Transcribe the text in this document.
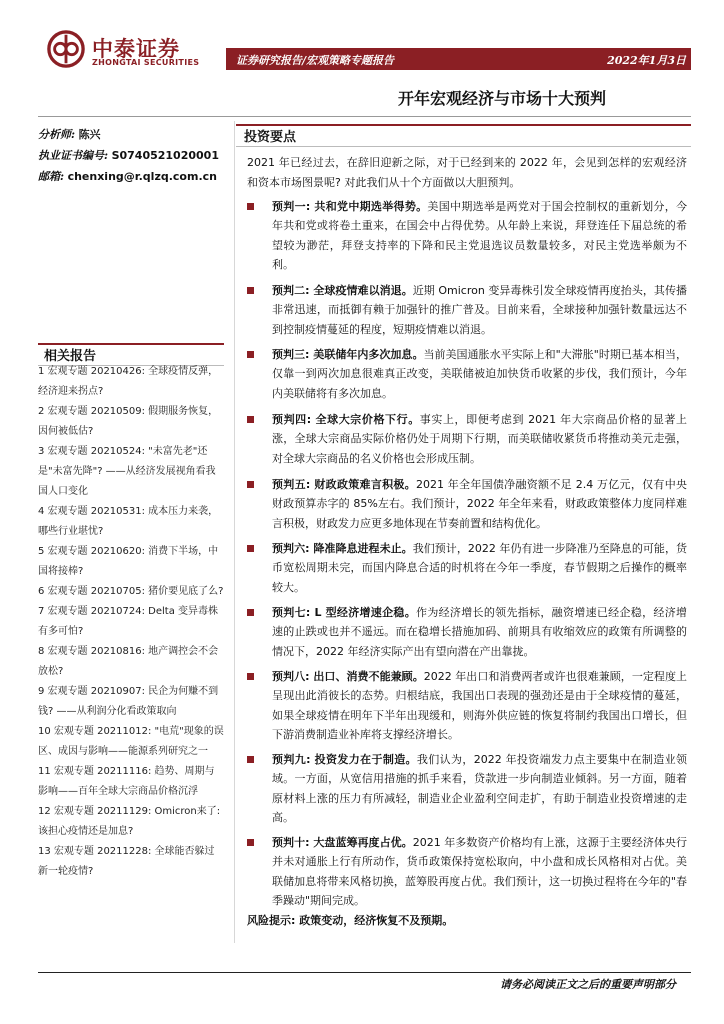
中泰证券
ZHONGTAI SECURITIES	证券研究报告/宏观策略专题报告	2022年1月3日
开年宏观经济与市场十大预判
分析师: 陈兴
执业证书编号: S0740521020001
邮箱: chenxing@r.qlzq.com.cn
相关报告
1 宏观专题 20210426: 全球疫情反弹，经济迎来拐点?
2 宏观专题 20210509: 假期服务恢复，因何被低估?
3 宏观专题 20210524: "未富先老"还是"未富先降"? ——从经济发展视角看我国人口变化
4 宏观专题 20210531: 成本压力来袭，哪些行业堪忧?
5 宏观专题 20210620: 消费下半场，中国将接棒?
6 宏观专题 20210705: 猪价要见底了么?
7 宏观专题 20210724: Delta 变异毒株有多可怕?
8 宏观专题 20210816: 地产调控会不会放松?
9 宏观专题 20210907: 民企为何赚不到钱? ——从利润分化看政策取向
10 宏观专题 20211012: "电荒"现象的误区、成因与影响——能源系列研究之一
11 宏观专题 20211116: 趋势、周期与影响——百年全球大宗商品价格沉浮
12 宏观专题 20211129: Omicron来了: 该担心疫情还是加息?
13 宏观专题 20211228: 全球能否躲过新一轮疫情?
投资要点
2021 年已经过去，在辞旧迎新之际，对于已经到来的 2022 年，会见到怎样的宏观经济和资本市场图景呢? 对此我们从十个方面做以大胆预判。
预判一: 共和党中期选举得势。美国中期选举是两党对于国会控制权的重新划分，今年共和党或将卷土重来，在国会中占得优势。从年龄上来说，拜登连任下届总统的希望较为渺茫，拜登支持率的下降和民主党退选议员数量较多，对民主党选举颇为不利。
预判二: 全球疫情难以消退。近期 Omicron 变异毒株引发全球疫情再度抬头，其传播非常迅速，而抵御有赖于加强针的推广普及。目前来看，全球接种加强针数量远达不到控制疫情蔓延的程度，短期疫情难以消退。
预判三: 美联储年内多次加息。当前美国通胀水平实际上和"大滞胀"时期已基本相当，仅靠一到两次加息很难真正改变，美联储被迫加快货币收紧的步伐，我们预计，今年内美联储将有多次加息。
预判四: 全球大宗价格下行。事实上，即便考虑到 2021 年大宗商品价格的显著上涨，全球大宗商品实际价格仍处于周期下行期，而美联储收紧货币将推动美元走强，对全球大宗商品的名义价格也会形成压制。
预判五: 财政政策难言积极。2021 年全年国债净融资额不足 2.4 万亿元，仅有中央财政预算赤字的 85%左右。我们预计，2022 年全年来看，财政政策整体力度同样难言积极，财政发力应更多地体现在节奏前置和结构优化。
预判六: 降准降息进程未止。我们预计，2022 年仍有进一步降准乃至降息的可能，货币宽松周期未完，而国内降息合适的时机将在今年一季度，春节假期之后操作的概率较大。
预判七: L 型经济增速企稳。作为经济增长的领先指标，融资增速已经企稳，经济增速的止跌或也并不遥远。而在稳增长措施加码、前期具有收缩效应的政策有所调整的情况下，2022 年经济实际产出有望向潜在产出靠拢。
预判八: 出口、消费不能兼顾。2022 年出口和消费两者或许也很难兼顾，一定程度上呈现出此消彼长的态势。归根结底，我国出口表现的强劲还是由于全球疫情的蔓延，如果全球疫情在明年下半年出现缓和，则海外供应链的恢复将制约我国出口增长，但下游消费制造业补库将支撑经济增长。
预判九: 投资发力在于制造。我们认为，2022 年投资端发力点主要集中在制造业领域。一方面，从宽信用措施的抓手来看，贷款进一步向制造业倾斜。另一方面，随着原材料上涨的压力有所减轻，制造业企业盈利空间走扩，有助于制造业投资增速的走高。
预判十: 大盘蓝筹再度占优。2021 年多数资产价格均有上涨，这源于主要经济体央行并未对通胀上行有所动作，货币政策保持宽松取向，中小盘和成长风格相对占优。美联储加息将带来风格切换，蓝筹股再度占优。我们预计，这一切换过程将在今年的"春季躁动"期间完成。
风险提示: 政策变动，经济恢复不及预期。
请务必阅读正文之后的重要声明部分
